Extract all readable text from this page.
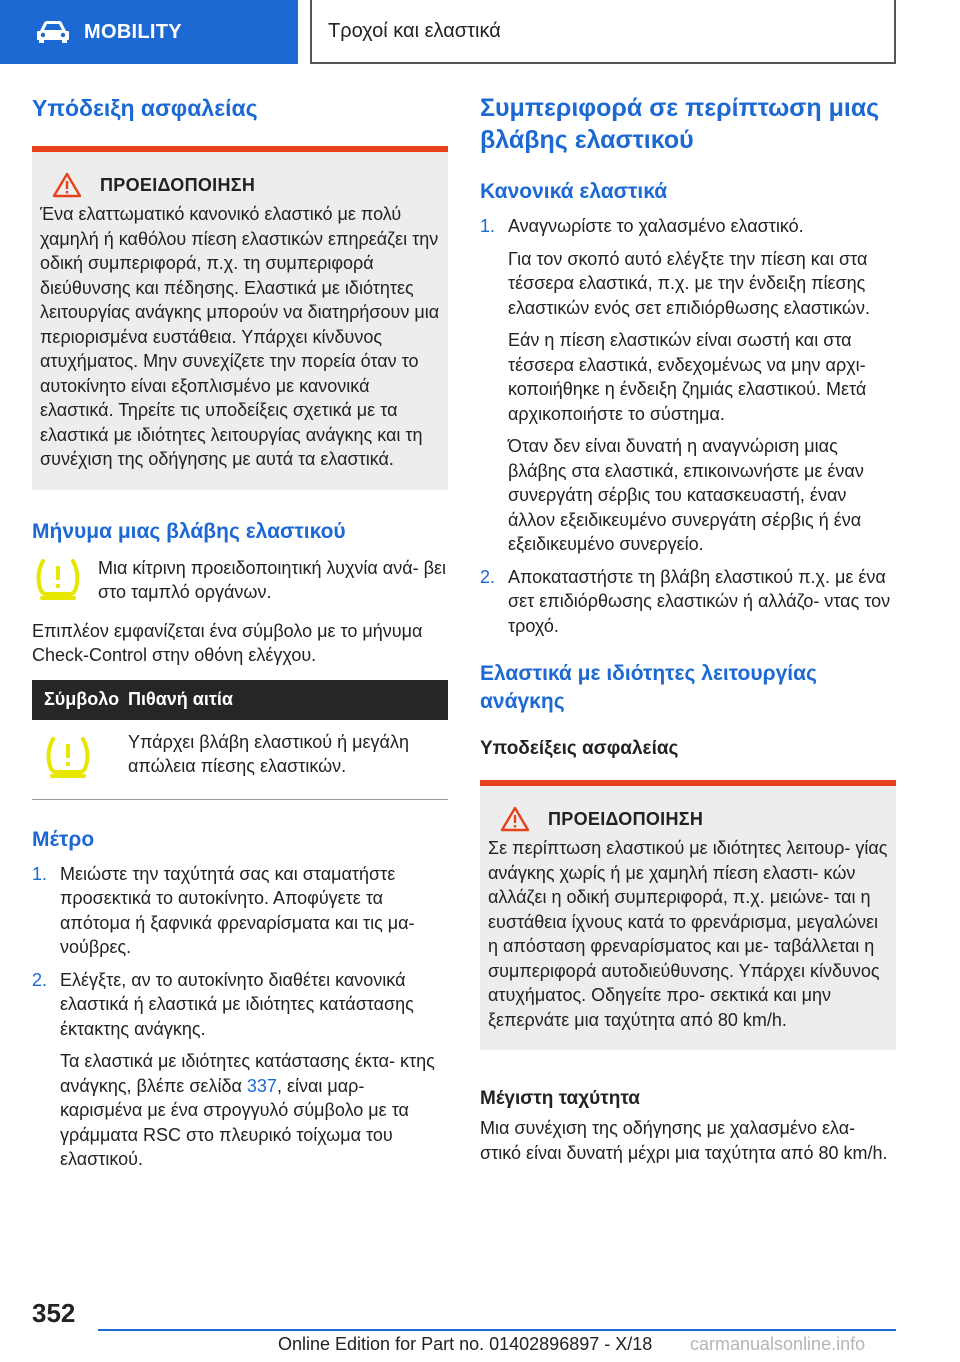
MOBILITY	Τροχοί και ελαστικά
Υπόδειξη ασφαλείας
ΠΡΟΕΙΔΟΠΟΙΗΣΗ

Ένα ελαττωματικό κανονικό ελαστικό με πολύ χαμηλή ή καθόλου πίεση ελαστικών επηρεάζει την οδική συμπεριφορά, π.χ. τη συμπεριφορά διεύθυνσης και πέδησης. Ελαστικά με ιδιότητες λειτουργίας ανάγκης μπορούν να διατηρήσουν μια περιορισμένα ευστάθεια. Υπάρχει κίνδυνος ατυχήματος. Μην συνεχίζετε την πορεία όταν το αυτοκίνητο είναι εξοπλισμένο με κανονικά ελαστικά. Τηρείτε τις υποδείξεις σχετικά με τα ελαστικά με ιδιότητες λειτουργίας ανάγκης και τη συνέχιση της οδήγησης με αυτά τα ελαστικά.

Μήνυμα μιας βλάβης ελαστικού

Μια κίτρινη προειδοποιητική λυχνία ανά- βει στο ταμπλό οργάνων.

Επιπλέον εμφανίζεται ένα σύμβολο με το μήνυμα Check-Control στην οθόνη ελέγχου.

Σύμβολο	Πιθανή αιτία

Υπάρχει βλάβη ελαστικού ή μεγάλη απώλεια πίεσης ελαστικών.

Μέτρο
1. Μειώστε την ταχύτητά σας και σταματήστε προσεκτικά το αυτοκίνητο. Αποφύγετε τα απότομα ή ξαφνικά φρεναρίσματα και τις μα- νούβρες.

2. Ελέγξτε, αν το αυτοκίνητο διαθέτει κανονικά ελαστικά ή ελαστικά με ιδιότητες κατάστασης έκτακτης ανάγκης.

Τα ελαστικά με ιδιότητες κατάστασης έκτα- κτης ανάγκης, βλέπε σελίδα 337, είναι μαρ- καρισμένα με ένα στρογγυλό σύμβολο με τα γράμματα RSC στο πλευρικό τοίχωμα του ελαστικού.

Συμπεριφορά σε περίπτωση μιας βλάβης ελαστικού
Κανονικά ελαστικά
1. Αναγνωρίστε το χαλασμένο ελαστικό.

Για τον σκοπό αυτό ελέγξτε την πίεση και στα τέσσερα ελαστικά, π.χ. με την ένδειξη πίεσης ελαστικών ενός σετ επιδιόρθωσης ελαστικών.

Εάν η πίεση ελαστικών είναι σωστή και στα τέσσερα ελαστικά, ενδεχομένως να μην αρχι- κοποιήθηκε η ένδειξη ζημιάς ελαστικού. Μετά αρχικοποιήστε το σύστημα.

Όταν δεν είναι δυνατή η αναγνώριση μιας βλάβης στα ελαστικά, επικοινωνήστε με έναν συνεργάτη σέρβις του κατασκευαστή, έναν άλλον εξειδικευμένο συνεργάτη σέρβις ή ένα εξειδικευμένο συνεργείο.

2. Αποκαταστήστε τη βλάβη ελαστικού π.χ. με ένα σετ επιδιόρθωσης ελαστικών ή αλλάζο- ντας τον τροχό.

Ελαστικά με ιδιότητες λειτουργίας ανάγκης
Υποδείξεις ασφαλείας
ΠΡΟΕΙΔΟΠΟΙΗΣΗ

Σε περίπτωση ελαστικού με ιδιότητες λειτουρ- γίας ανάγκης χωρίς ή με χαμηλή πίεση ελαστι- κών αλλάζει η οδική συμπεριφορά, π.χ. μειώνε- ται η ευστάθεια ίχνους κατά το φρενάρισμα, μεγαλώνει η απόσταση φρεναρίσματος και με- ταβάλλεται η συμπεριφορά αυτοδιεύθυνσης. Υπάρχει κίνδυνος ατυχήματος. Οδηγείτε προ- σεκτικά και μην ξεπερνάτε μια ταχύτητα από 80 km/h.

Μέγιστη ταχύτητα

Μια συνέχιση της οδήγησης με χαλασμένο ελα- στικό είναι δυνατή μέχρι μια ταχύτητα από 80 km/h.

352
Online Edition for Part no. 01402896897 - X/18 carmanualsonline.info
